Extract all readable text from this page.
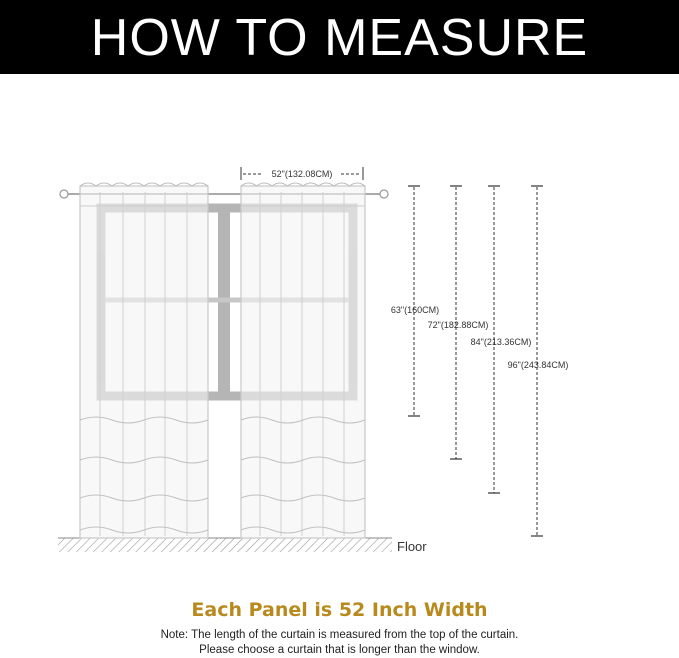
HOW TO MEASURE
52"(132.08CM)
63"(160CM)
72"(182.88CM)
84"(213.36CM)
96"(243.84CM)
Floor
Each Panel is 52 Inch Width
Note: The length of the curtain is measured from the top of the curtain.
Please choose a curtain that is longer than the window.
